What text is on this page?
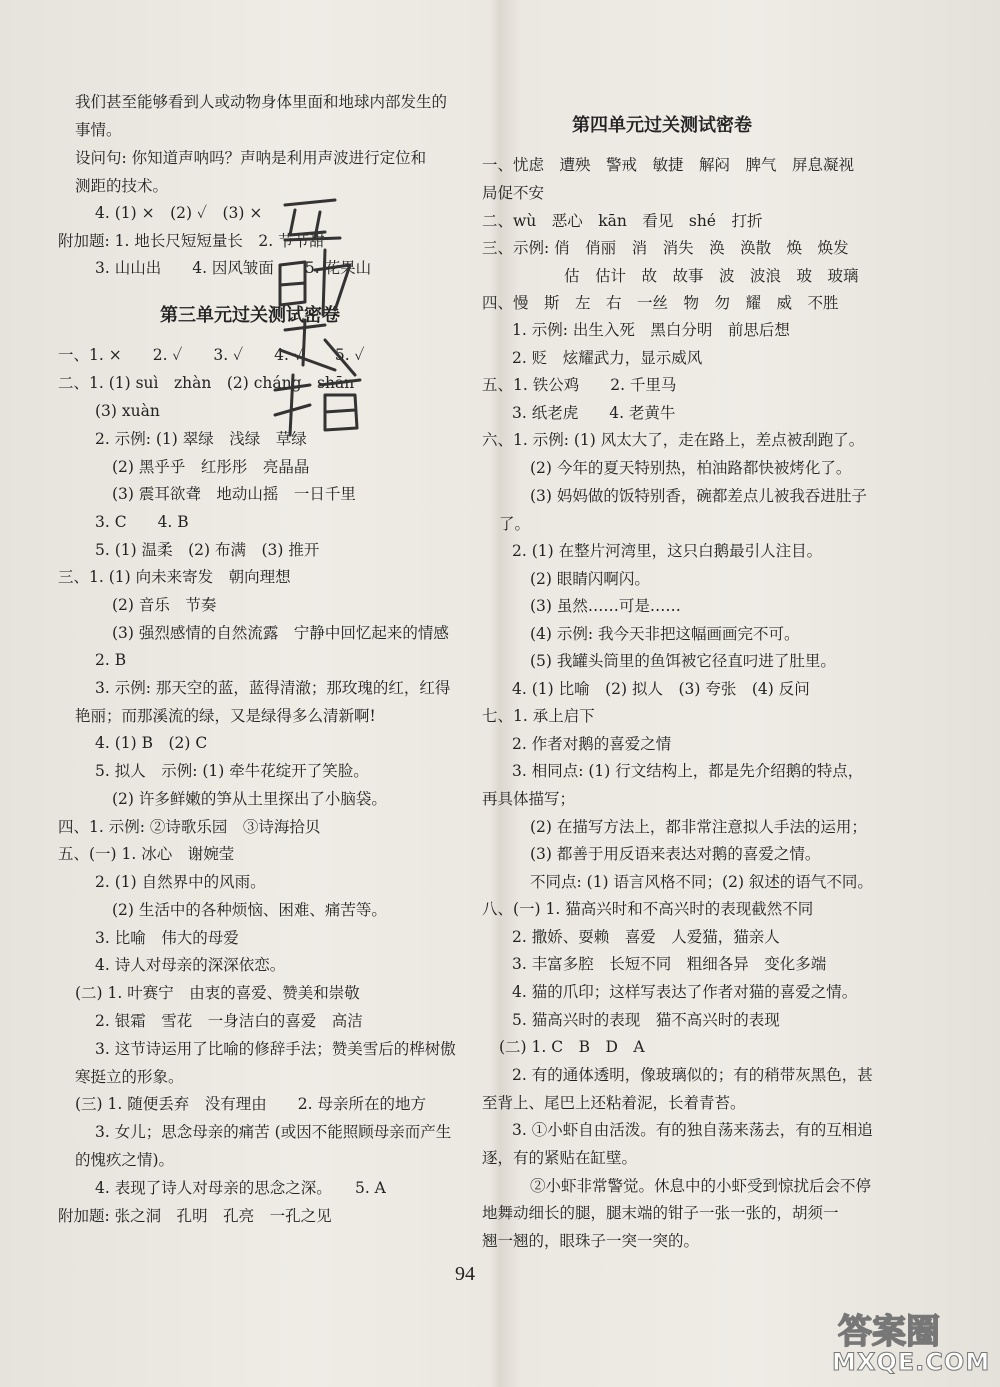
我们甚至能够看到人或动物身体里面和地球内部发生的
事情。
设问句: 你知道声呐吗？声呐是利用声波进行定位和
测距的技术。
4. (1) ×　(2) ✓　(3) ×
附加题: 1. 地长尺短短量长　2. 节节甜
3. 山山出　　4. 因风皱面　　5. 花果山
一、1. ×　　2. ✓　　3. ✓　　4. ✓　　5. ✓
二、1. (1) suì　zhàn　(2) cháng　shān
(3) xuàn
2. 示例: (1) 翠绿　浅绿　草绿
(2) 黑乎乎　红彤彤　亮晶晶
(3) 震耳欲聋　地动山摇　一日千里
3. C　　4. B
5. (1) 温柔　(2) 布满　(3) 推开
三、1. (1) 向未来寄发　朝向理想
(2) 音乐　节奏
(3) 强烈感情的自然流露　宁静中回忆起来的情感
2. B
3. 示例: 那天空的蓝，蓝得清澈；那玫瑰的红，红得
艳丽；而那溪流的绿，又是绿得多么清新啊!
4. (1) B　(2) C
5. 拟人　示例: (1) 牵牛花绽开了笑脸。
(2) 许多鲜嫩的笋从土里探出了小脑袋。
四、1. 示例: ②诗歌乐园　③诗海拾贝
五、(一) 1. 冰心　谢婉莹
2. (1) 自然界中的风雨。
(2) 生活中的各种烦恼、困难、痛苦等。
3. 比喻　伟大的母爱
4. 诗人对母亲的深深依恋。
(二) 1. 叶赛宁　由衷的喜爱、赞美和崇敬
2. 银霜　雪花　一身洁白的喜爱　高洁
3. 这节诗运用了比喻的修辞手法；赞美雪后的桦树傲
寒挺立的形象。
(三) 1. 随便丢弃　没有理由　　2. 母亲所在的地方
3. 女儿；思念母亲的痛苦 (或因不能照顾母亲而产生
的愧疚之情)。
4. 表现了诗人对母亲的思念之深。　　5. A
附加题: 张之洞　孔明　孔亮　一孔之见
一、忧虑　遭殃　警戒　敏捷　解闷　脾气　屏息凝视
局促不安
二、wù　恶心　kān　看见　shé　打折
三、示例: 俏　俏丽　消　消失　涣　涣散　焕　焕发
估　估计　故　故事　波　波浪　玻　玻璃
四、慢　斯　左　右　一丝　物　勿　耀　威　不胜
1. 示例: 出生入死　黑白分明　前思后想
2. 贬　炫耀武力，显示威风
五、1. 铁公鸡　　2. 千里马
3. 纸老虎　　4. 老黄牛
六、1. 示例: (1) 风太大了，走在路上，差点被刮跑了。
(2) 今年的夏天特别热，柏油路都快被烤化了。
(3) 妈妈做的饭特别香，碗都差点儿被我吞进肚子
了。
2. (1) 在整片河湾里，这只白鹅最引人注目。
(2) 眼睛闪啊闪。
(3) 虽然……可是……
(4) 示例: 我今天非把这幅画画完不可。
(5) 我罐头筒里的鱼饵被它径直叼进了肚里。
4. (1) 比喻　(2) 拟人　(3) 夸张　(4) 反问
七、1. 承上启下
2. 作者对鹅的喜爱之情
3. 相同点: (1) 行文结构上，都是先介绍鹅的特点，
再具体描写；
(2) 在描写方法上，都非常注意拟人手法的运用；
(3) 都善于用反语来表达对鹅的喜爱之情。
不同点: (1) 语言风格不同；(2) 叙述的语气不同。
八、(一) 1. 猫高兴时和不高兴时的表现截然不同
2. 撒娇、耍赖　喜爱　人爱猫，猫亲人
3. 丰富多腔　长短不同　粗细各异　变化多端
4. 猫的爪印；这样写表达了作者对猫的喜爱之情。
5. 猫高兴时的表现　猫不高兴时的表现
(二) 1. C　B　D　A
2. 有的通体透明，像玻璃似的；有的稍带灰黑色，甚
至背上、尾巴上还粘着泥，长着青苔。
3. ①小虾自由活泼。有的独自荡来荡去，有的互相追
逐，有的紧贴在缸壁。
②小虾非常警觉。休息中的小虾受到惊扰后会不停
地舞动细长的腿，腿末端的钳子一张一张的，胡须一
翘一翘的，眼珠子一突一突的。
第三单元过关测试密卷
第四单元过关测试密卷
94
答案圈
MXQE.COM
